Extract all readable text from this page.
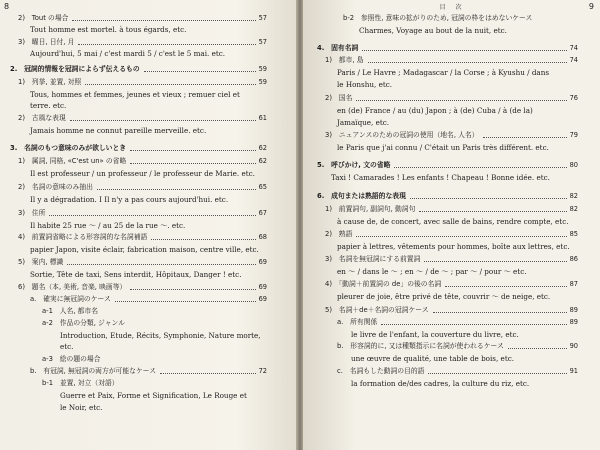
8
2)　Tout の場合	57
Tout homme est mortel. à tous égards, etc.
3)　曜日, 日付, 月	57
Aujourd'hui, 5 mai / c'est mardi 5 / c'est le 5 mai. etc.
2.　冠詞的情報を冠詞によらず伝えるもの	59
1)　列挙, 並置, 対照	59
Tous, hommes et femmes, jeunes et vieux ; remuer ciel et
terre. etc.
2)　古風な表現	61
Jamais homme ne connut pareille merveille. etc.
3.　名詞のもつ意味のみが欲しいとき	62
1)　属詞, 同格, «C'est un» の省略	62
Il est professeur / un professeur / le professeur de Marie. etc.
2)　名詞の意味のみ抽出	65
Il y a dégradation. I Il n'y a pas cours aujourd'hui. etc.
3)　住所	67
Il habite 25 rue ～ / au 25 de la rue ～. etc.
4)　前置詞省略による形容詞的な名詞補語	68
papier Japon, visite éclair, fabrication maison, centre ville, etc.
5)　案内, 標識	69
Sortie, Tête de taxi, Sens interdit, Hôpitaux, Danger ! etc.
6)　題名（本, 美術, 音楽, 映画等）	69
a.　確実に無冠詞のケース	69
a-1　人名, 都市名
a-2　作品の分類, ジャンル
Introduction, Etude, Récits, Symphonie, Nature morte,
etc.
a-3　絵の題の場合
b.　有冠詞, 無冠詞の両方が可能なケース	72
b-1　並置, 対立（対語）
Guerre et Paix, Forme et Signification, Le Rouge et
le Noir, etc.
目　次	9
b-2　参照性, 意味の拡がりのため, 冠詞の枠をはめないケース
Charmes, Voyage au bout de la nuit, etc.
4.　固有名詞	74
1)　都市, 島	74
Paris / Le Havre ; Madagascar / la Corse ; à Kyushu / dans
le Honshu, etc.
2)　国名	76
en (de) France / au (du) Japon ; à (de) Cuba / à (de la)
Jamaïque, etc.
3)　ニュアンスのための冠詞の使用（地名, 人名）	79
le Paris que j'ai connu / C'était un Paris très différent. etc.
5.　呼びかけ, 文の省略	80
Taxi ! Camarades ! Les enfants ! Chapeau ! Bonne idée. etc.
6.　成句または熟語的な表現	82
1)　前置詞句, 副詞句, 動詞句	82
à cause de, de concert, avec salle de bains, rendre compte, etc.
2)　熟語	85
papier à lettres, vêtements pour hommes, boîte aux lettres, etc.
3)　名詞を無冠詞にする前置詞	86
en ～ / dans le ～ ; en ～ / de ～ ; par ～ / pour ～ etc.
4)　「動詞＋前置詞の de」の後の名詞	87
pleurer de joie, être privé de tête, couvrir ～ de neige, etc.
5)　名詞＋de＋名詞の冠詞ケース	89
a.　所有関係	89
le livre de l'enfant, la couverture du livre, etc.
b.　形容詞的に, 又は種類指示に名詞が使われるケース	90
une œuvre de qualité, une table de bois, etc.
c.　名詞もした動詞の目的語	91
la formation de/des cadres, la culture du riz, etc.
